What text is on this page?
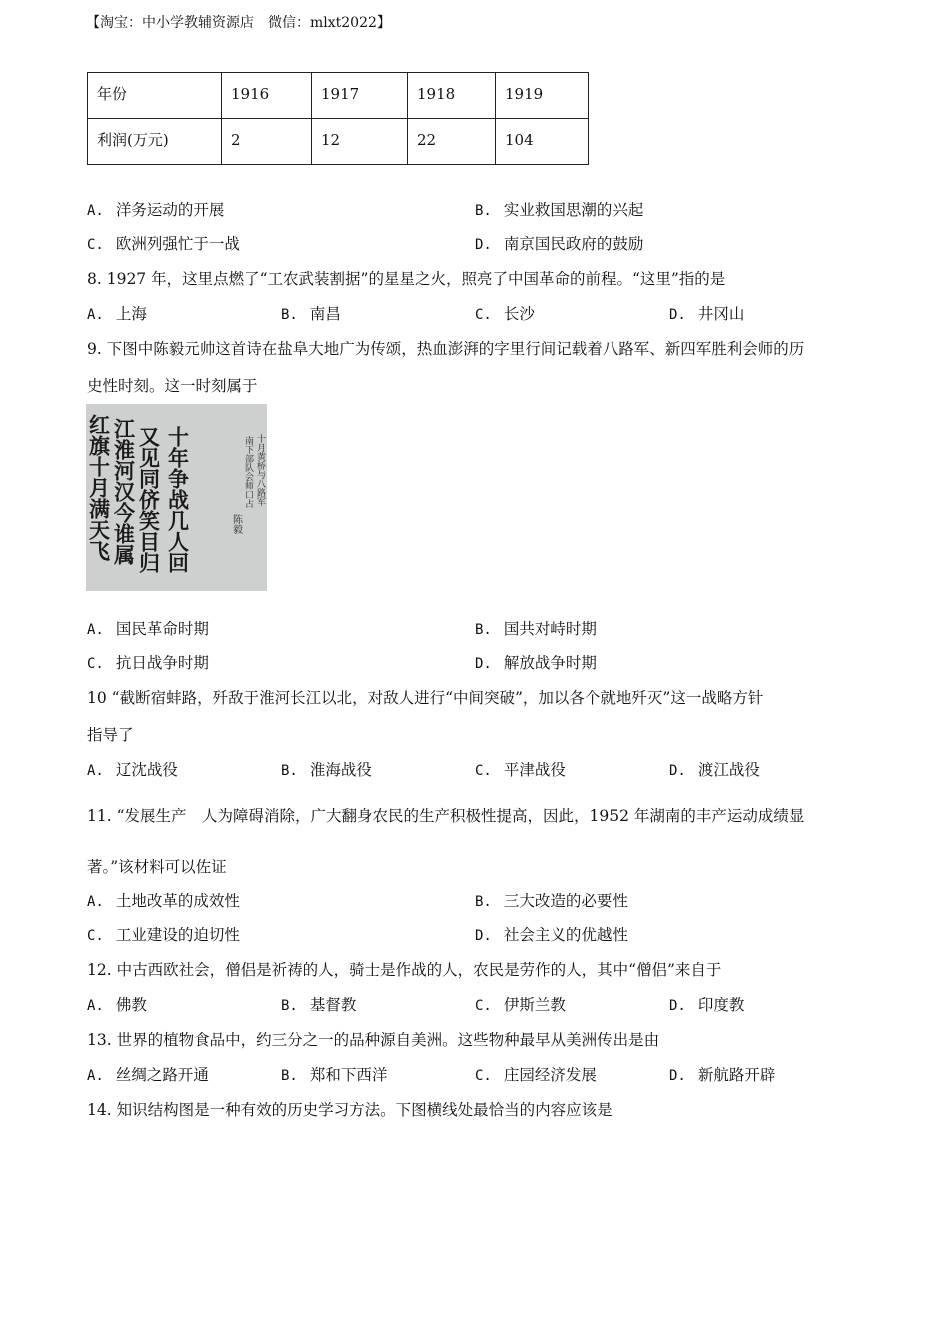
【淘宝：中小学教辅资源店　微信：mlxt2022】
年份	1916	1917	1918	1919
利润(万元)	2	12	22	104
A. 洋务运动的开展	B. 实业救国思潮的兴起
C. 欧洲列强忙于一战	D. 南京国民政府的鼓励
8. 1927 年，这里点燃了“工农武装割据”的星星之火，照亮了中国革命的前程。“这里”指的是
A. 上海	B. 南昌	C. 长沙	D. 井冈山
9. 下图中陈毅元帅这首诗在盐阜大地广为传颂，热血澎湃的字里行间记载着八路军、新四军胜利会师的历
史性时刻。这一时刻属于
十年争战几人回
又见同侪笑目归
江淮河汉今谁属
红旗十月满天飞	十月黄桥与八路军
南下部队会师口占
陈毅
A. 国民革命时期	B. 国共对峙时期
C. 抗日战争时期	D. 解放战争时期
10 “截断宿蚌路，歼敌于淮河长江以北，对敌人进行“中间突破”，加以各个就地歼灭”这一战略方针
指导了
A. 辽沈战役	B. 淮海战役	C. 平津战役	D. 渡江战役
11. “发展生产　人为障碍消除，广大翻身农民的生产积极性提高，因此，1952 年湖南的丰产运动成绩显
著。”该材料可以佐证
A. 土地改革的成效性	B. 三大改造的必要性
C. 工业建设的迫切性	D. 社会主义的优越性
12. 中古西欧社会，僧侣是祈祷的人，骑士是作战的人，农民是劳作的人，其中“僧侣”来自于
A. 佛教	B. 基督教	C. 伊斯兰教	D. 印度教
13. 世界的植物食品中，约三分之一的品种源自美洲。这些物种最早从美洲传出是由
A. 丝绸之路开通	B. 郑和下西洋	C. 庄园经济发展	D. 新航路开辟
14. 知识结构图是一种有效的历史学习方法。下图横线处最恰当的内容应该是
